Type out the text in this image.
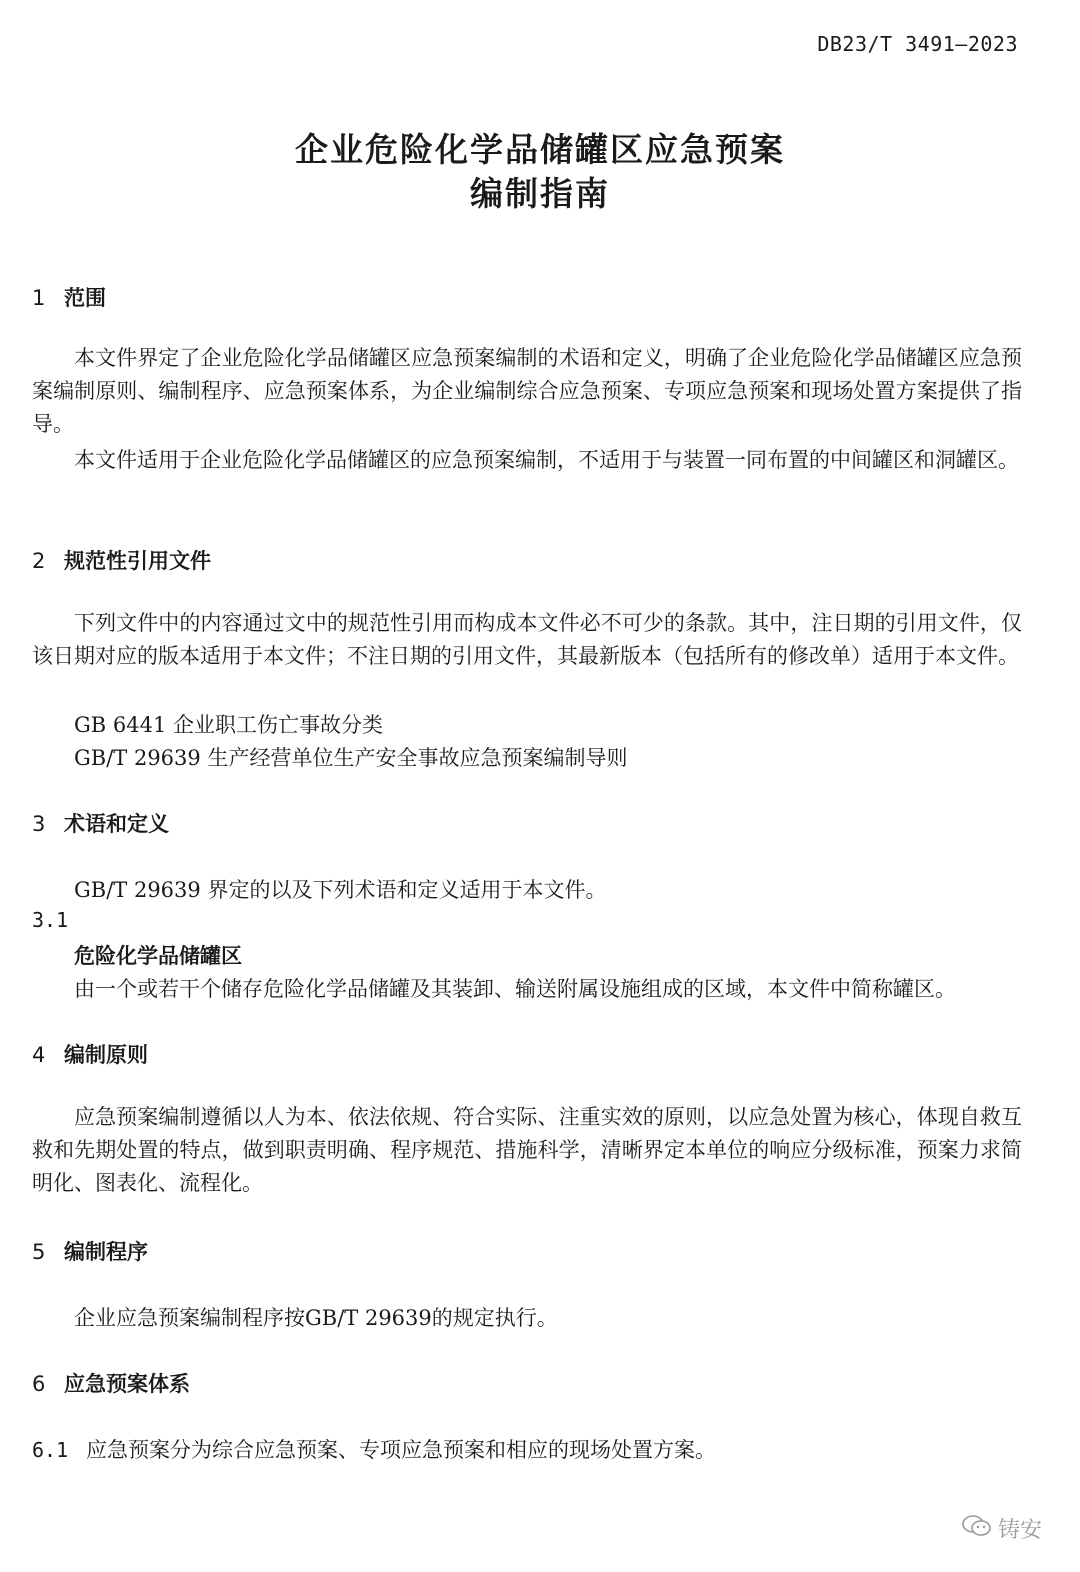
DB23/T 3491—2023
企业危险化学品储罐区应急预案
编制指南
1 范围
本文件界定了企业危险化学品储罐区应急预案编制的术语和定义，明确了企业危险化学品储罐区应急预案编制原则、编制程序、应急预案体系，为企业编制综合应急预案、专项应急预案和现场处置方案提供了指导。
本文件适用于企业危险化学品储罐区的应急预案编制，不适用于与装置一同布置的中间罐区和洞罐区。
2 规范性引用文件
下列文件中的内容通过文中的规范性引用而构成本文件必不可少的条款。其中，注日期的引用文件，仅该日期对应的版本适用于本文件；不注日期的引用文件，其最新版本（包括所有的修改单）适用于本文件。
GB 6441 企业职工伤亡事故分类
GB/T 29639 生产经营单位生产安全事故应急预案编制导则
3 术语和定义
GB/T 29639 界定的以及下列术语和定义适用于本文件。
3.1
危险化学品储罐区
由一个或若干个储存危险化学品储罐及其装卸、输送附属设施组成的区域，本文件中简称罐区。
4 编制原则
应急预案编制遵循以人为本、依法依规、符合实际、注重实效的原则，以应急处置为核心，体现自救互救和先期处置的特点，做到职责明确、程序规范、措施科学，清晰界定本单位的响应分级标准，预案力求简明化、图表化、流程化。
5 编制程序
企业应急预案编制程序按GB/T 29639的规定执行。
6 应急预案体系
6.1 应急预案分为综合应急预案、专项应急预案和相应的现场处置方案。
铸安
